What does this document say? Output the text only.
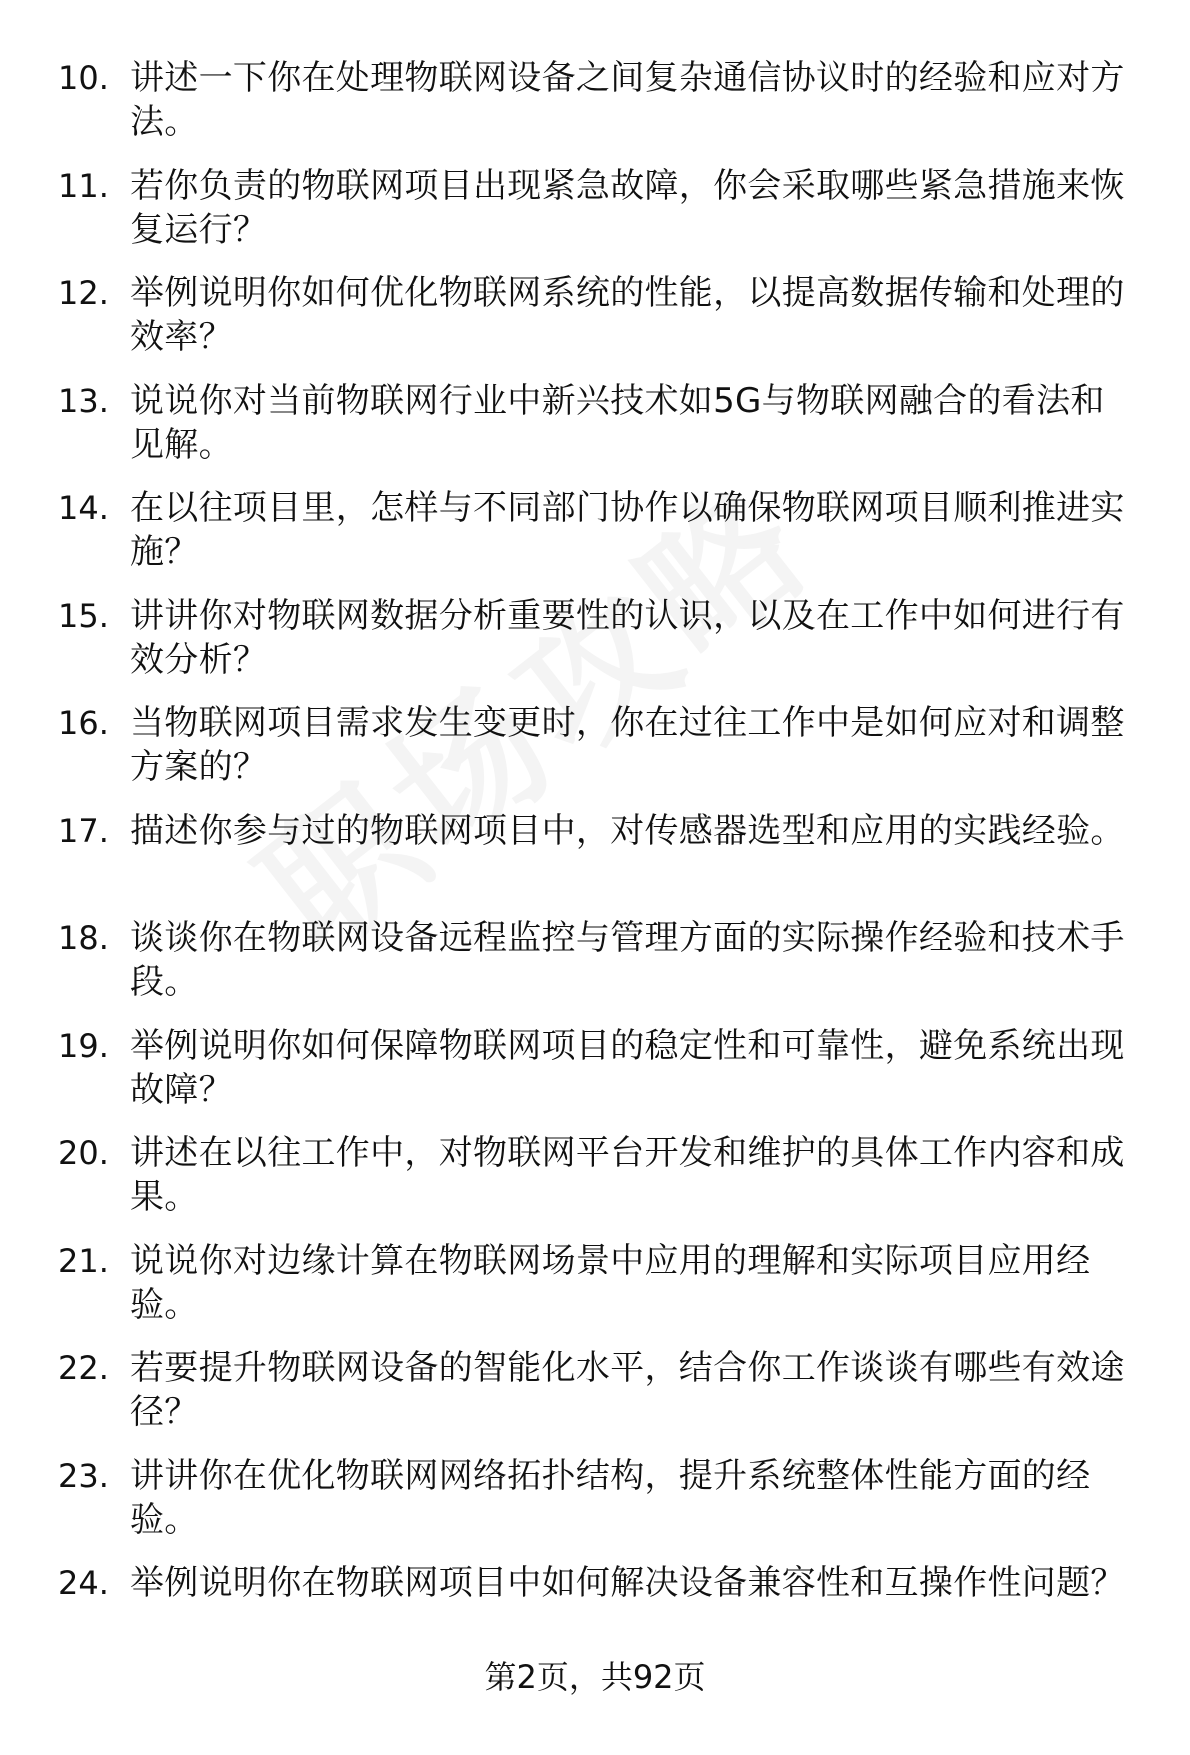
10. 讲述一下你在处理物联网设备之间复杂通信协议时的经验和应对方法。
11. 若你负责的物联网项目出现紧急故障，你会采取哪些紧急措施来恢复运行？
12. 举例说明你如何优化物联网系统的性能，以提高数据传输和处理的效率？
13. 说说你对当前物联网行业中新兴技术如5G与物联网融合的看法和见解。
14. 在以往项目里，怎样与不同部门协作以确保物联网项目顺利推进实施？
15. 讲讲你对物联网数据分析重要性的认识，以及在工作中如何进行有效分析？
16. 当物联网项目需求发生变更时，你在过往工作中是如何应对和调整方案的？
17. 描述你参与过的物联网项目中，对传感器选型和应用的实践经验。
18. 谈谈你在物联网设备远程监控与管理方面的实际操作经验和技术手段。
19. 举例说明你如何保障物联网项目的稳定性和可靠性，避免系统出现故障？
20. 讲述在以往工作中，对物联网平台开发和维护的具体工作内容和成果。
21. 说说你对边缘计算在物联网场景中应用的理解和实际项目应用经验。
22. 若要提升物联网设备的智能化水平，结合你工作谈谈有哪些有效途径？
23. 讲讲你在优化物联网网络拓扑结构，提升系统整体性能方面的经验。
24. 举例说明你在物联网项目中如何解决设备兼容性和互操作性问题？
第2页，共92页
